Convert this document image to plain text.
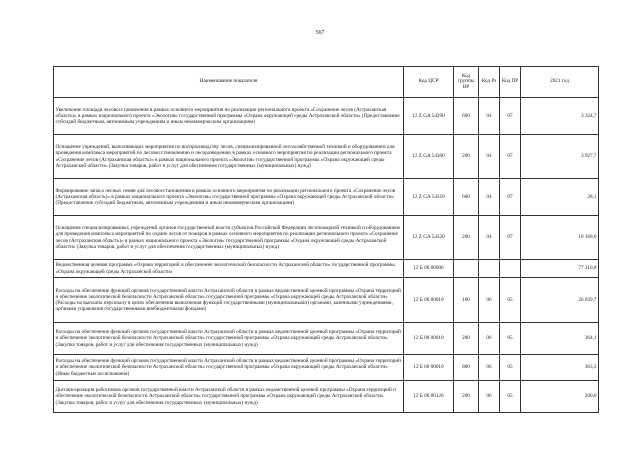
567
Наименование показателя	Код ЦСР	Код группы ВР	Код Рз	Код ПР	2021 год
Увеличение площади лесовосстановления в рамках основного мероприятия по реализации регионального проекта «Сохранение лесов (Астраханская область)» в рамках национального проекта «Экология» государственной программы «Охрана окружающей среды Астраханской области» (Предоставление субсидий бюджетным, автономным учреждениям и иным некоммерческим организациям)	12 Z GA 54290	600	04	07	3 324,7
Оснащение учреждений, выполняющих мероприятия по воспроизводству лесов, специализированной лесохозяйственной техникой и оборудованием для проведения комплекса мероприятий по лесовосстановлению и лесоразведению в рамках основного мероприятия по реализации регионального проекта «Сохранение лесов (Астраханская область)» в рамках национального проекта «Экология» государственной программы «Охрана окружающей среды Астраханской области» (Закупка товаров, работ и услуг для обеспечения государственных (муниципальных) нужд)	12 Z GA 54300	200	04	07	3 927,7
Формирование запаса лесных семян для лесовосстановления в рамках основного мероприятия по реализации регионального проекта «Сохранение лесов (Астраханская область)» в рамках национального проекта «Экология» государственной программы «Охрана окружающей среды Астраханской области» (Предоставление субсидий бюджетным, автономным учреждениям и иным некоммерческим организациям)	12 Z GA 54310	600	04	07	28,1
Оснащение специализированных учреждений органов государственной власти субъектов Российской Федерации лесопожарной техникой и оборудованием для проведения комплекса мероприятий по охране лесов от пожаров в рамках основного мероприятия по реализации регионального проекта «Сохранение лесов (Астраханская область)» в рамках национального проекта «Экология» государственной программы «Охрана окружающей среды Астраханской области» (Закупка товаров, работ и услуг для обеспечения государственных (муниципальных) нужд)	12 Z GA 54320	200	04	07	18 168,0
Ведомственная целевая программа «Охрана территорий и обеспечение экологической безопасности Астраханской области» государственной программы «Охрана окружающей среды Астраханской области»	12 Б 00 00000				77 310,8
Расходы на обеспечение функций органов государственной власти Астраханской области в рамках ведомственной целевой программы «Охрана территорий и обеспечение экологической безопасности Астраханской области» государственной программы «Охрана окружающей среды Астраханской области» (Расходы на выплаты персоналу в целях обеспечения выполнения функций государственными (муниципальными) органами, казенными учреждениями, органами управления государственными внебюджетными фондами)	12 Б 00 00010	100	06	05	26 039,7
Расходы на обеспечение функций органов государственной власти Астраханской области в рамках ведомственной целевой программы «Охрана территорий и обеспечение экологической безопасности Астраханской области» государственной программы «Охрана окружающей среды Астраханской области» (Закупка товаров, работ и услуг для обеспечения государственных (муниципальных) нужд)	12 Б 00 00010	200	06	05	364,1
Расходы на обеспечение функций органов государственной власти Астраханской области в рамках ведомственной целевой программы «Охрана территорий и обеспечение экологической безопасности Астраханской области» государственной программы «Охрана окружающей среды Астраханской области» (Иные бюджетные ассигнования)	12 Б 00 00010	800	06	05	363,3
Диспансеризация работников органов государственной власти Астраханской области в рамках ведомственной целевой программы «Охрана территорий и обеспечение экологической безопасности Астраханской области» государственной программы «Охрана окружающей среды Астраханской области» (Закупка товаров, работ и услуг для обеспечения государственных (муниципальных) нужд)	12 Б 00 00120	200	06	05	200,0
